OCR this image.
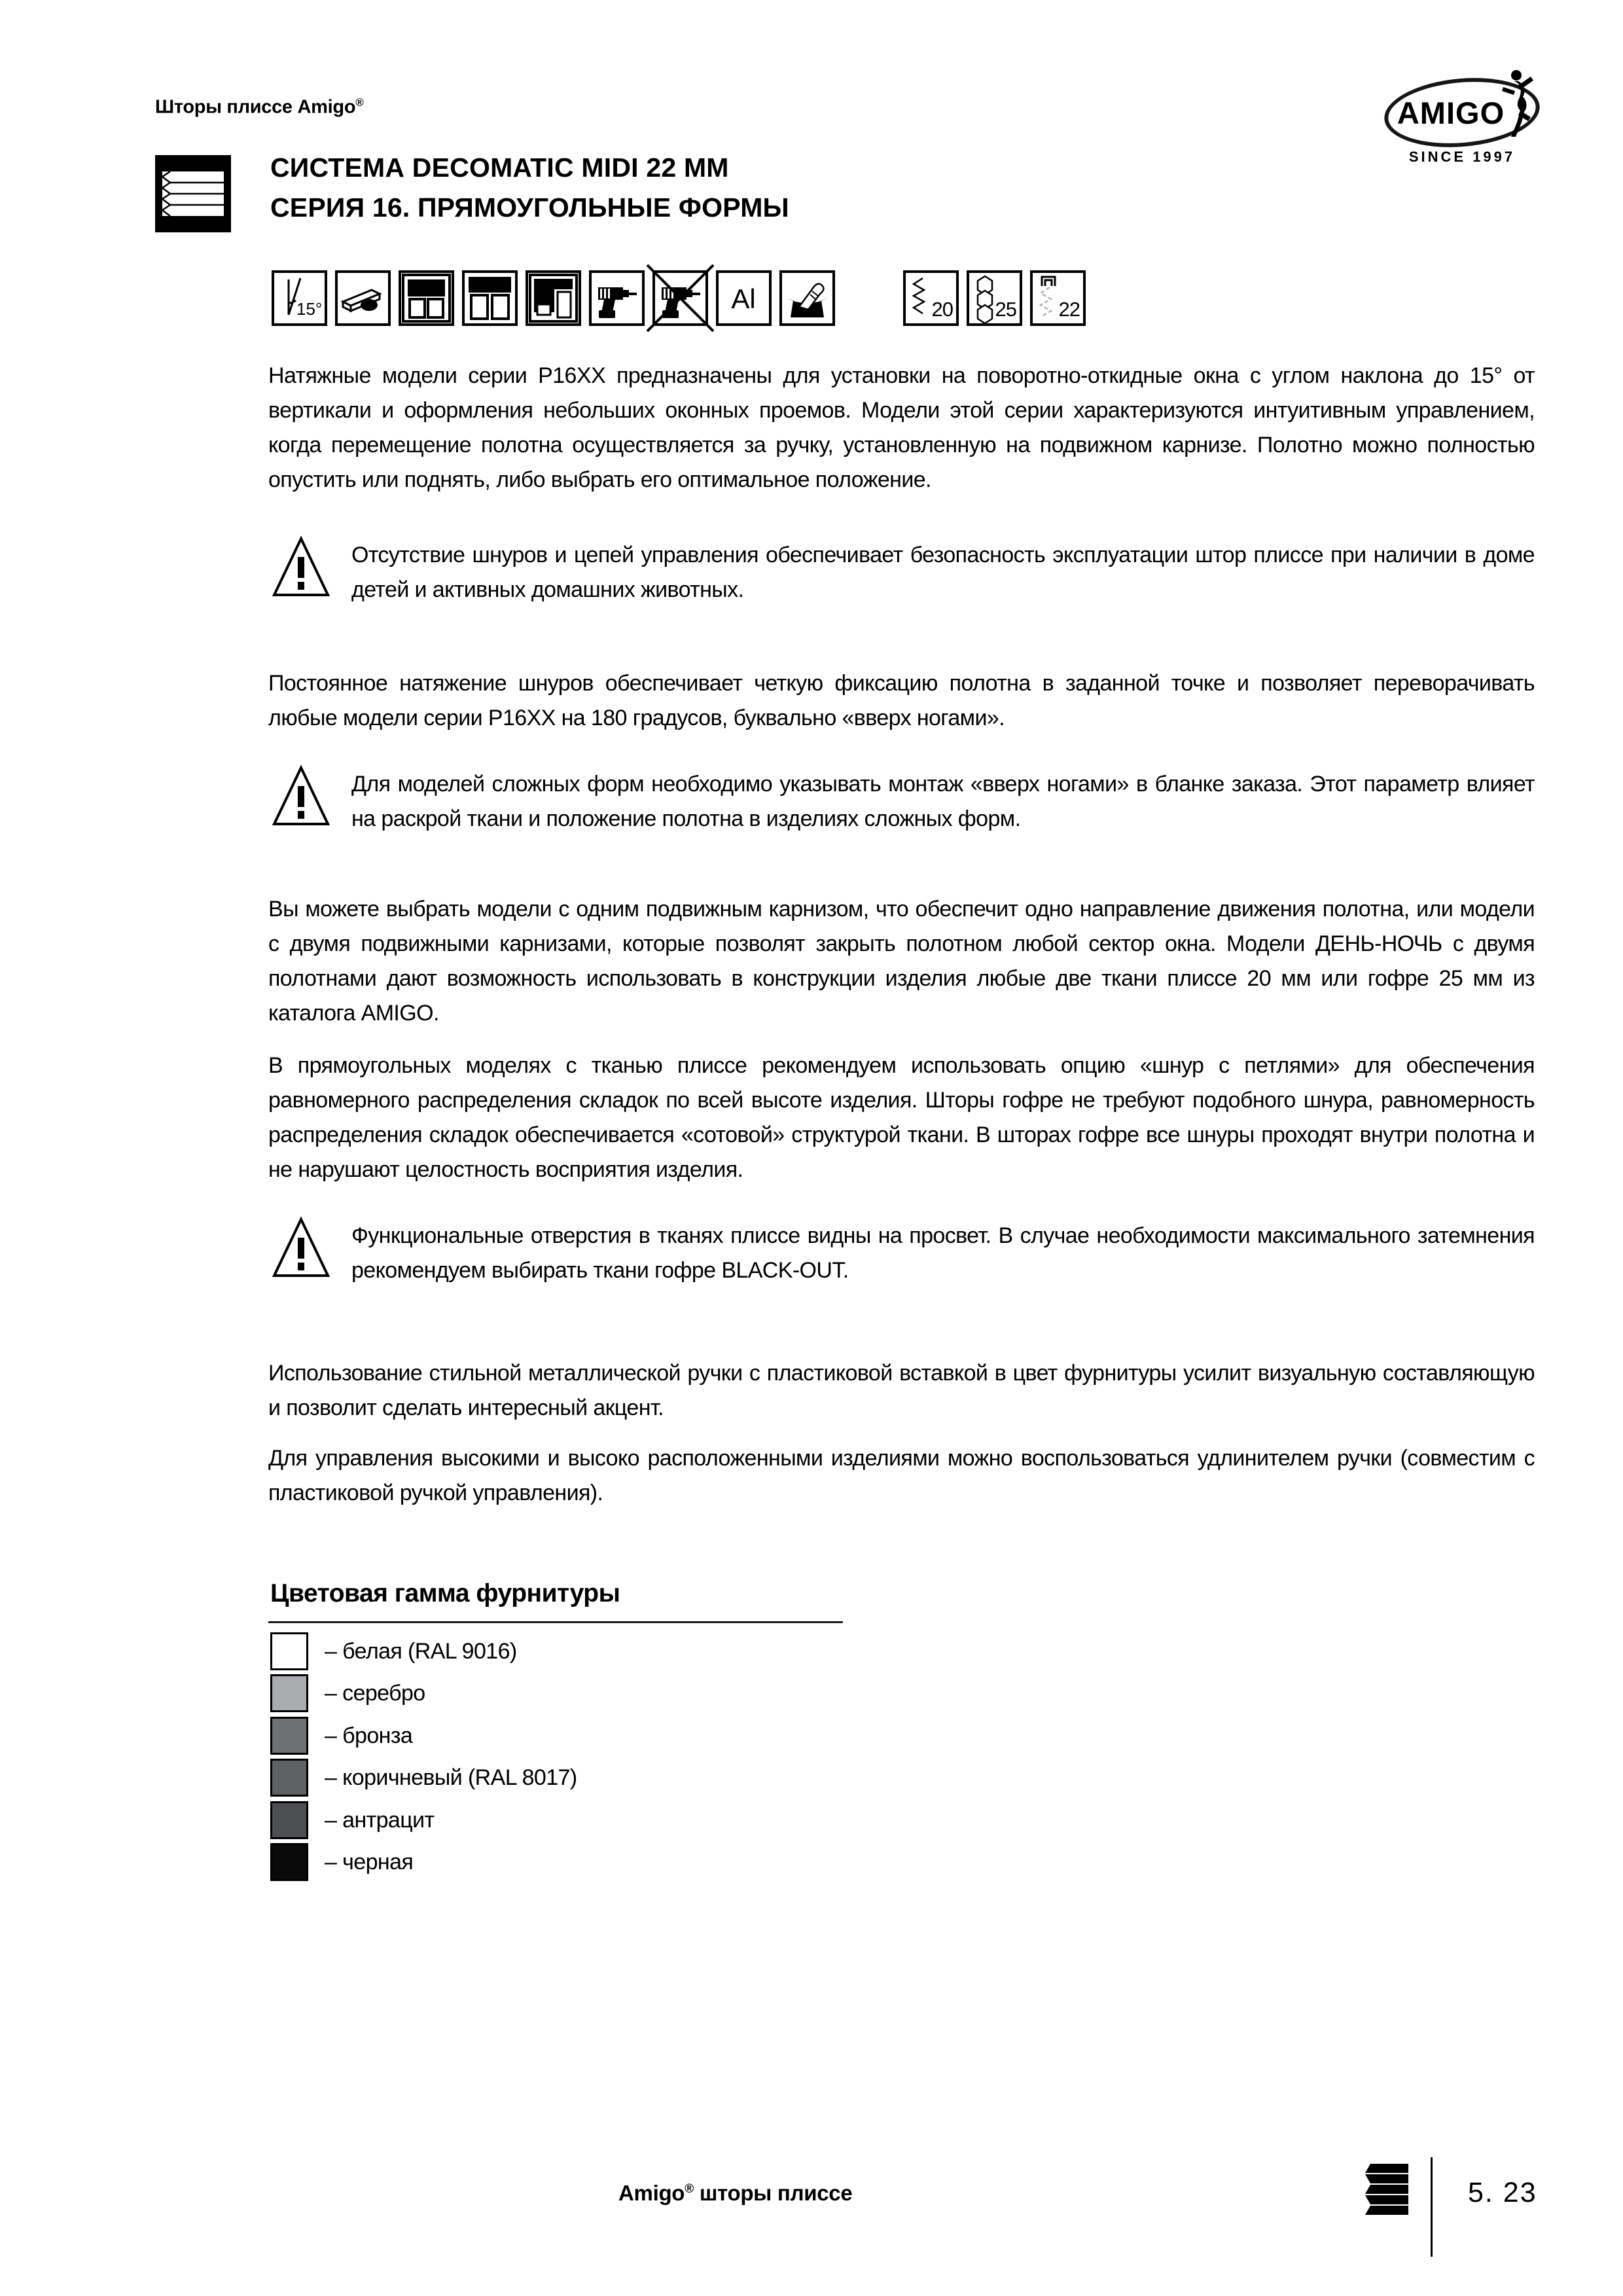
Шторы плиссе Amigo®	AMIGO
SINCE 1997
СИСТЕМА DECOMATIC MIDI 22 ММ
СЕРИЯ 16. ПРЯМОУГОЛЬНЫЕ ФОРМЫ
15°	Al	20 25 22

Натяжные модели серии Р16ХХ предназначены для установки на поворотно-откидные окна с углом наклона до 15° от вертикали и оформления небольших оконных проемов. Модели этой серии характеризуются интуитивным управлением, когда перемещение полотна осуществляется за ручку, установленную на подвижном карнизе. Полотно можно полностью опустить или поднять, либо выбрать его оптимальное положение.

Отсутствие шнуров и цепей управления обеспечивает безопасность эксплуатации штор плиссе при наличии в доме детей и активных домашних животных.

Постоянное натяжение шнуров обеспечивает четкую фиксацию полотна в заданной точке и позволяет переворачивать любые модели серии Р16ХХ на 180 градусов, буквально «вверх ногами».

Для моделей сложных форм необходимо указывать монтаж «вверх ногами» в бланке заказа. Этот параметр влияет на раскрой ткани и положение полотна в изделиях сложных форм.

Вы можете выбрать модели с одним подвижным карнизом, что обеспечит одно направление движения полотна, или модели с двумя подвижными карнизами, которые позволят закрыть полотном любой сектор окна. Модели ДЕНЬ-НОЧЬ с двумя полотнами дают возможность использовать в конструкции изделия любые две ткани плиссе 20 мм или гофре 25 мм из каталога AMIGO.

В прямоугольных моделях с тканью плиссе рекомендуем использовать опцию «шнур с петлями» для обеспечения равномерного распределения складок по всей высоте изделия. Шторы гофре не требуют подобного шнура, равномерность распределения складок обеспечивается «сотовой» структурой ткани. В шторах гофре все шнуры проходят внутри полотна и не нарушают целостность восприятия изделия.

Функциональные отверстия в тканях плиссе видны на просвет. В случае необходимости максимального затемнения рекомендуем выбирать ткани гофре BLACK-OUT.

Использование стильной металлической ручки с пластиковой вставкой в цвет фурнитуры усилит визуальную составляющую и позволит сделать интересный акцент.

Для управления высокими и высоко расположенными изделиями можно воспользоваться удлинителем ручки (совместим с пластиковой ручкой управления).

Цветовая гамма фурнитуры
– белая (RAL 9016)
– серебро
– бронза
– коричневый (RAL 8017)
– антрацит
– черная
Amigo® шторы плиссе	5. 23
